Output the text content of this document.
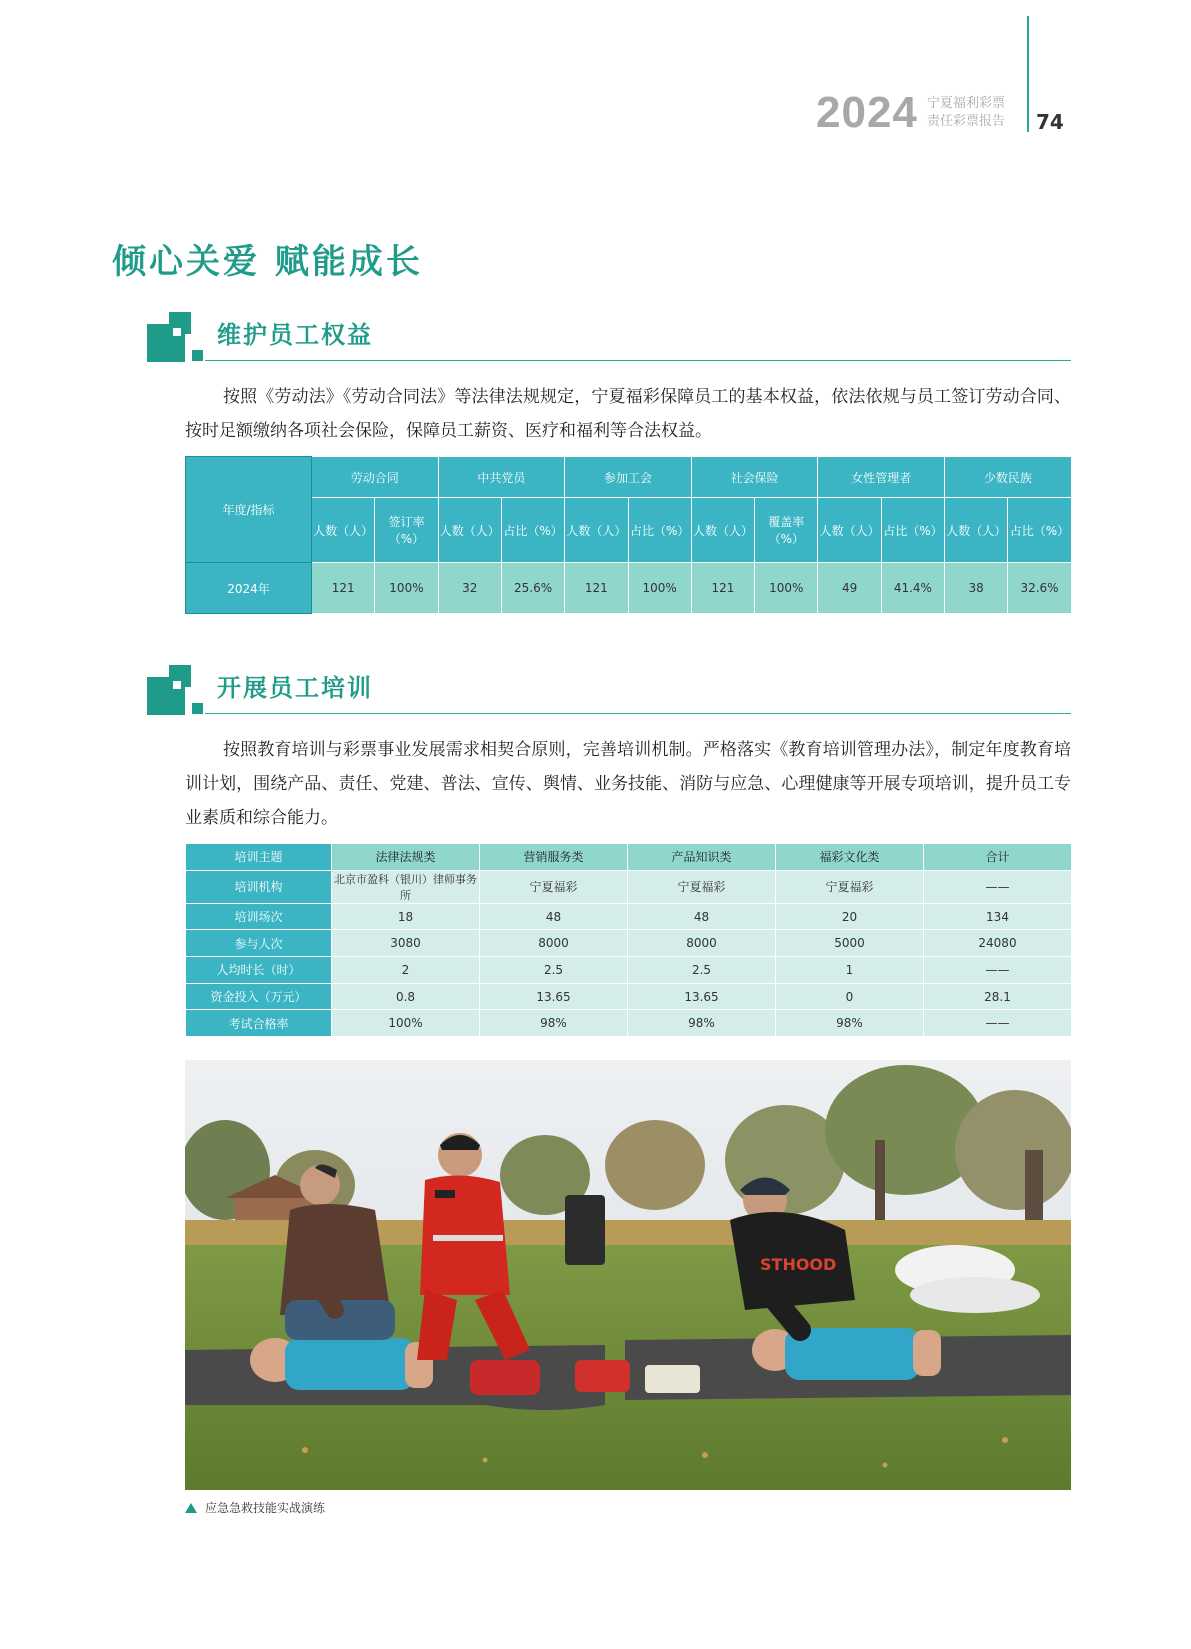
2024 宁夏福利彩票
责任彩票报告 74
倾心关爱 赋能成长
维护员工权益
按照《劳动法》《劳动合同法》等法律法规规定，宁夏福彩保障员工的基本权益，依法依规与员工签订劳动合同、按时足额缴纳各项社会保险，保障员工薪资、医疗和福利等合法权益。
年度/指标	劳动合同		中共党员		参加工会		社会保险		女性管理者		少数民族	
	人数（人）	签订率（%）	人数（人）	占比（%）	人数（人）	占比（%）	人数（人）	覆盖率（%）	人数（人）	占比（%）	人数（人）	占比（%）
2024年	121	100%	32	25.6%	121	100%	121	100%	49	41.4%	38	32.6%
开展员工培训
按照教育培训与彩票事业发展需求相契合原则，完善培训机制。严格落实《教育培训管理办法》，制定年度教育培训计划，围绕产品、责任、党建、普法、宣传、舆情、业务技能、消防与应急、心理健康等开展专项培训，提升员工专业素质和综合能力。
培训主题	法律法规类	营销服务类	产品知识类	福彩文化类	合计
培训机构	北京市盈科（银川）律师事务所	宁夏福彩	宁夏福彩	宁夏福彩	——
培训场次	18	48	48	20	134
参与人次	3080	8000	8000	5000	24080
人均时长（时）	2	2.5	2.5	1	——
资金投入（万元）	0.8	13.65	13.65	0	28.1
考试合格率	100%	98%	98%	98%	——
STHOOD
应急急救技能实战演练
